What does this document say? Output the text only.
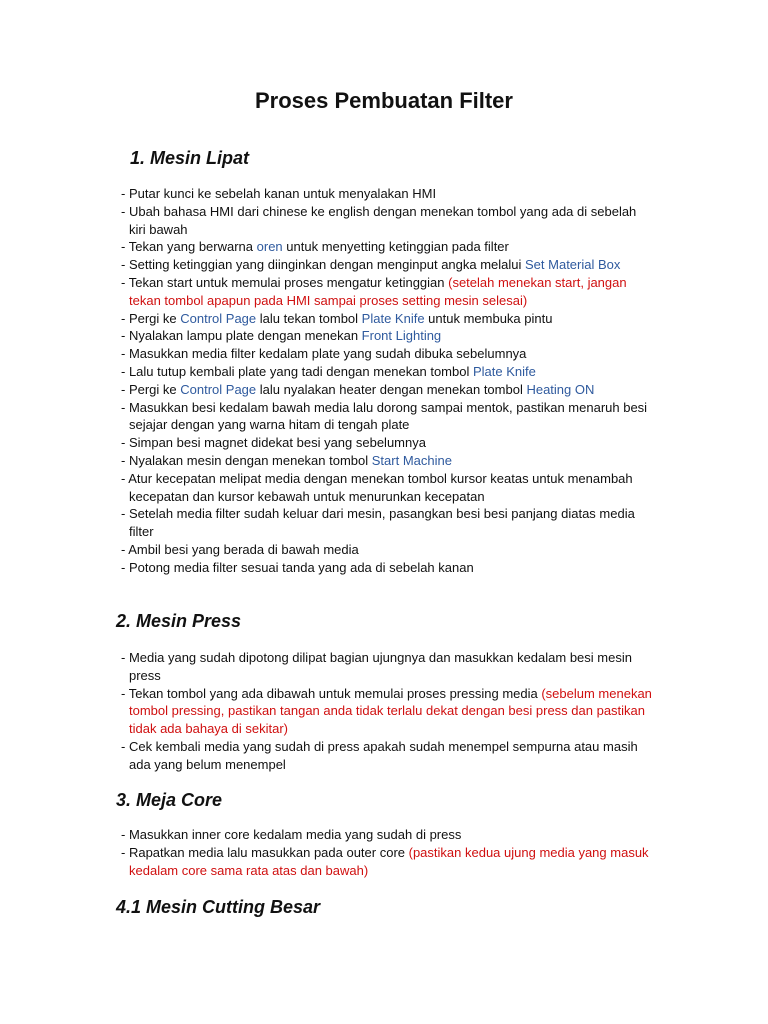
Proses Pembuatan Filter
1. Mesin Lipat
- Putar kunci ke sebelah kanan untuk menyalakan HMI
- Ubah bahasa HMI dari chinese ke english dengan menekan tombol yang ada di sebelah kiri bawah
- Tekan yang berwarna oren untuk menyetting ketinggian pada filter
- Setting ketinggian yang diinginkan dengan menginput angka melalui Set Material Box
- Tekan start untuk memulai proses mengatur ketinggian (setelah menekan start, jangan tekan tombol apapun pada HMI sampai proses setting mesin selesai)
- Pergi ke Control Page lalu tekan tombol Plate Knife untuk membuka pintu
- Nyalakan lampu plate dengan menekan Front Lighting
- Masukkan media filter kedalam plate yang sudah dibuka sebelumnya
- Lalu tutup kembali plate yang tadi dengan menekan tombol Plate Knife
- Pergi ke Control Page lalu nyalakan heater dengan menekan tombol Heating ON
- Masukkan besi kedalam bawah media lalu dorong sampai mentok, pastikan menaruh besi sejajar dengan yang warna hitam di tengah plate
- Simpan besi magnet didekat besi yang sebelumnya
- Nyalakan mesin dengan menekan tombol Start Machine
- Atur kecepatan melipat media dengan menekan tombol kursor keatas untuk menambah kecepatan dan kursor kebawah untuk menurunkan kecepatan
- Setelah media filter sudah keluar dari mesin, pasangkan besi besi panjang diatas media filter
- Ambil besi yang berada di bawah media
- Potong media filter sesuai tanda yang ada di sebelah kanan
2. Mesin Press
- Media yang sudah dipotong dilipat bagian ujungnya dan masukkan kedalam besi mesin press
- Tekan tombol yang ada dibawah untuk memulai proses pressing media (sebelum menekan tombol pressing, pastikan tangan anda tidak terlalu dekat dengan besi press dan pastikan tidak ada bahaya di sekitar)
- Cek kembali media yang sudah di press apakah sudah menempel sempurna atau masih ada yang belum menempel
3. Meja Core
- Masukkan inner core kedalam media yang sudah di press
- Rapatkan media lalu masukkan pada outer core (pastikan kedua ujung media yang masuk kedalam core sama rata atas dan bawah)
4.1 Mesin Cutting Besar
